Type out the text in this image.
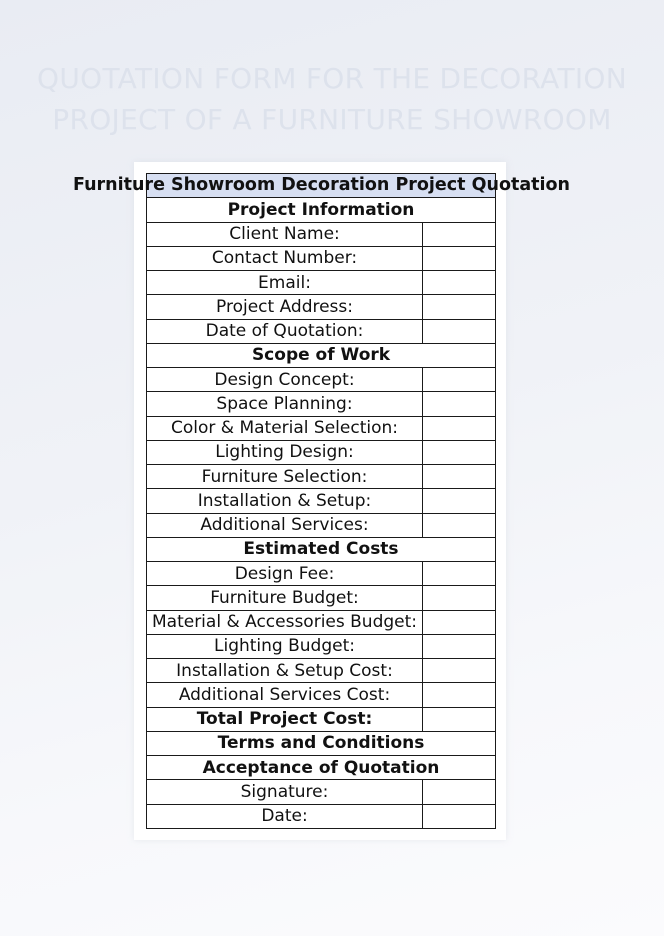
QUOTATION FORM FOR THE DECORATION
PROJECT OF A FURNITURE SHOWROOM
Furniture Showroom Decoration Project Quotation	

Project Information	
Client Name:	
Contact Number:	
Email:	
Project Address:	
Date of Quotation:	
Scope of Work	
Design Concept:	
Space Planning:	
Color & Material Selection:	
Lighting Design:	
Furniture Selection:	
Installation & Setup:	
Additional Services:	
Estimated Costs	
Design Fee:	
Furniture Budget:	
Material & Accessories Budget:	
Lighting Budget:	
Installation & Setup Cost:	
Additional Services Cost:	
Total Project Cost:	
Terms and Conditions	
Acceptance of Quotation	
Signature:	
Date:	
